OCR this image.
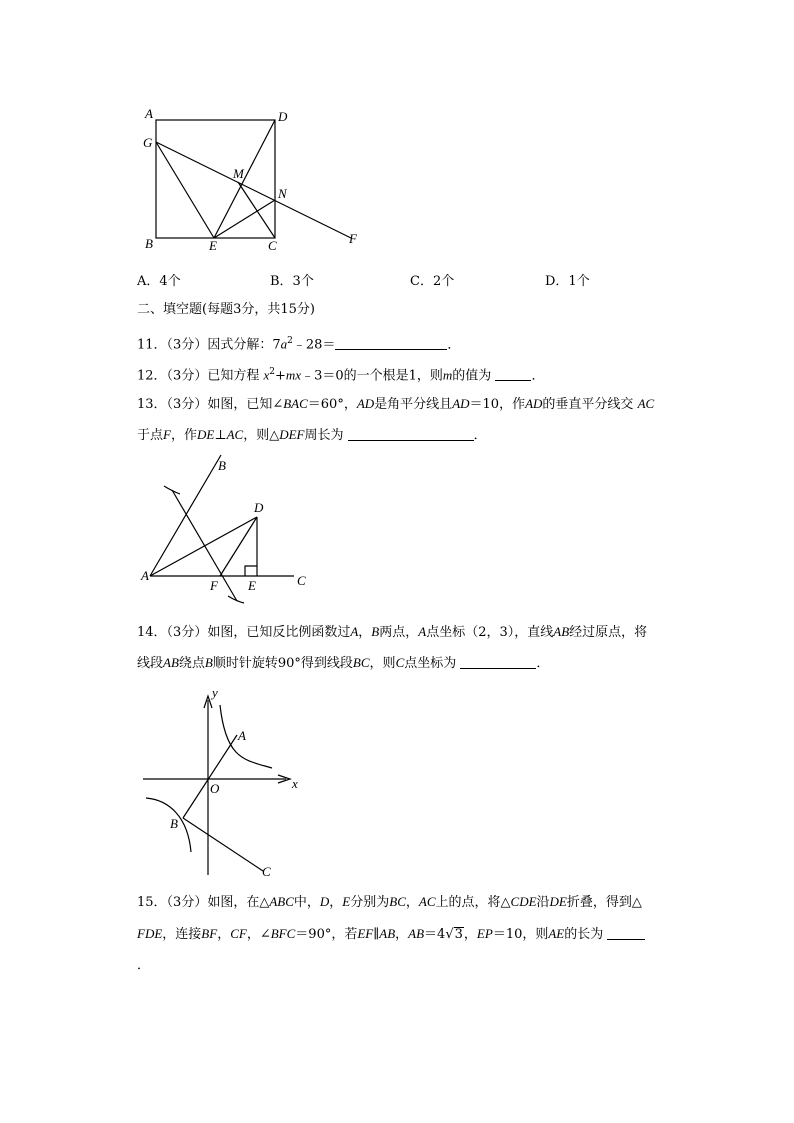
A	D
G
M
N
B	E	C	F
A．4个	B．3个	C．2个	D．1个
二、填空题(每题3分，共15分)
11．（3分）因式分解：$7a^2﹣28=$	．
12．（3分）已知方程 $x^2+mx﹣3=0$的一个根是1，则m的值为	．
13．（3分）如图，已知∠BAC＝60°，AD是角平分线且AD＝10，作AD的垂直平分线交 AC
于点F，作DE⊥AC，则△DEF周长为	．
B
D
A
F E	C
14．（3分）如图，已知反比例函数过A，B两点，A点坐标（2，3），直线AB经过原点，将
线段AB绕点B顺时针旋转90°得到线段BC，则C点坐标为	．
y
A
x
O
B
C
15．（3分）如图，在△ABC中，D，E分别为BC，AC上的点，将△CDE沿DE折叠，得到△
FDE，连接BF，CF，∠BFC＝90°，若EF∥AB，AB＝4√3，EP＝10，则AE的长为
．
